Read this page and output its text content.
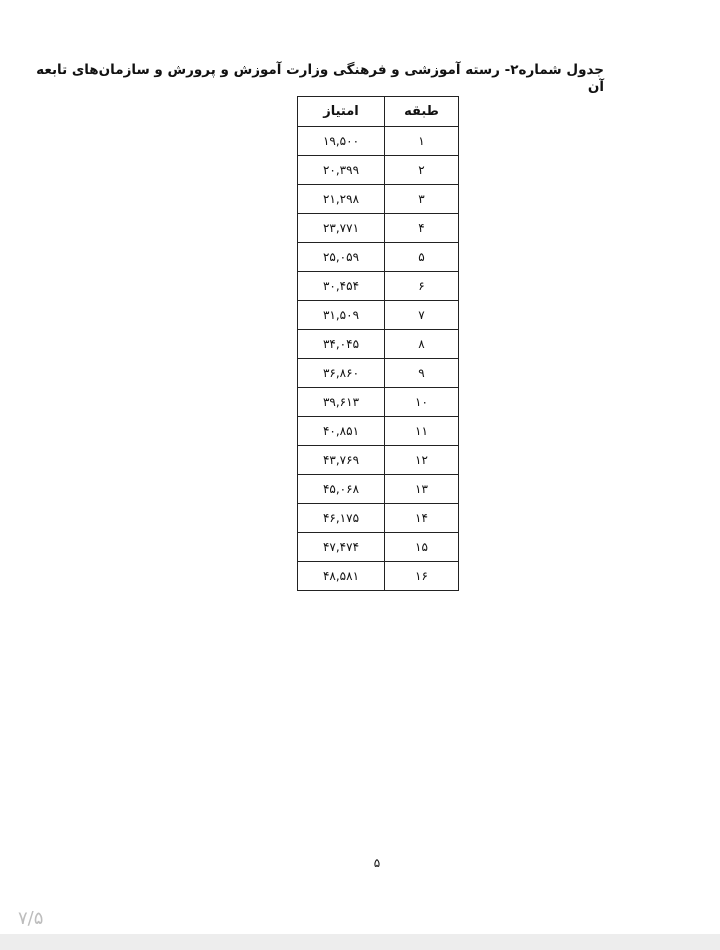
جدول شماره۲- رسته آموزشی و فرهنگی وزارت آموزش و پرورش و سازمان‌های تابعه
آن
طبقه	امتیاز
۱	۱۹,۵۰۰
۲	۲۰,۳۹۹
۳	۲۱,۲۹۸
۴	۲۳,۷۷۱
۵	۲۵,۰۵۹
۶	۳۰,۴۵۴
۷	۳۱,۵۰۹
۸	۳۴,۰۴۵
۹	۳۶,۸۶۰
۱۰	۳۹,۶۱۳
۱۱	۴۰,۸۵۱
۱۲	۴۳,۷۶۹
۱۳	۴۵,۰۶۸
۱۴	۴۶,۱۷۵
۱۵	۴۷,۴۷۴
۱۶	۴۸,۵۸۱
۵
۷/۵
